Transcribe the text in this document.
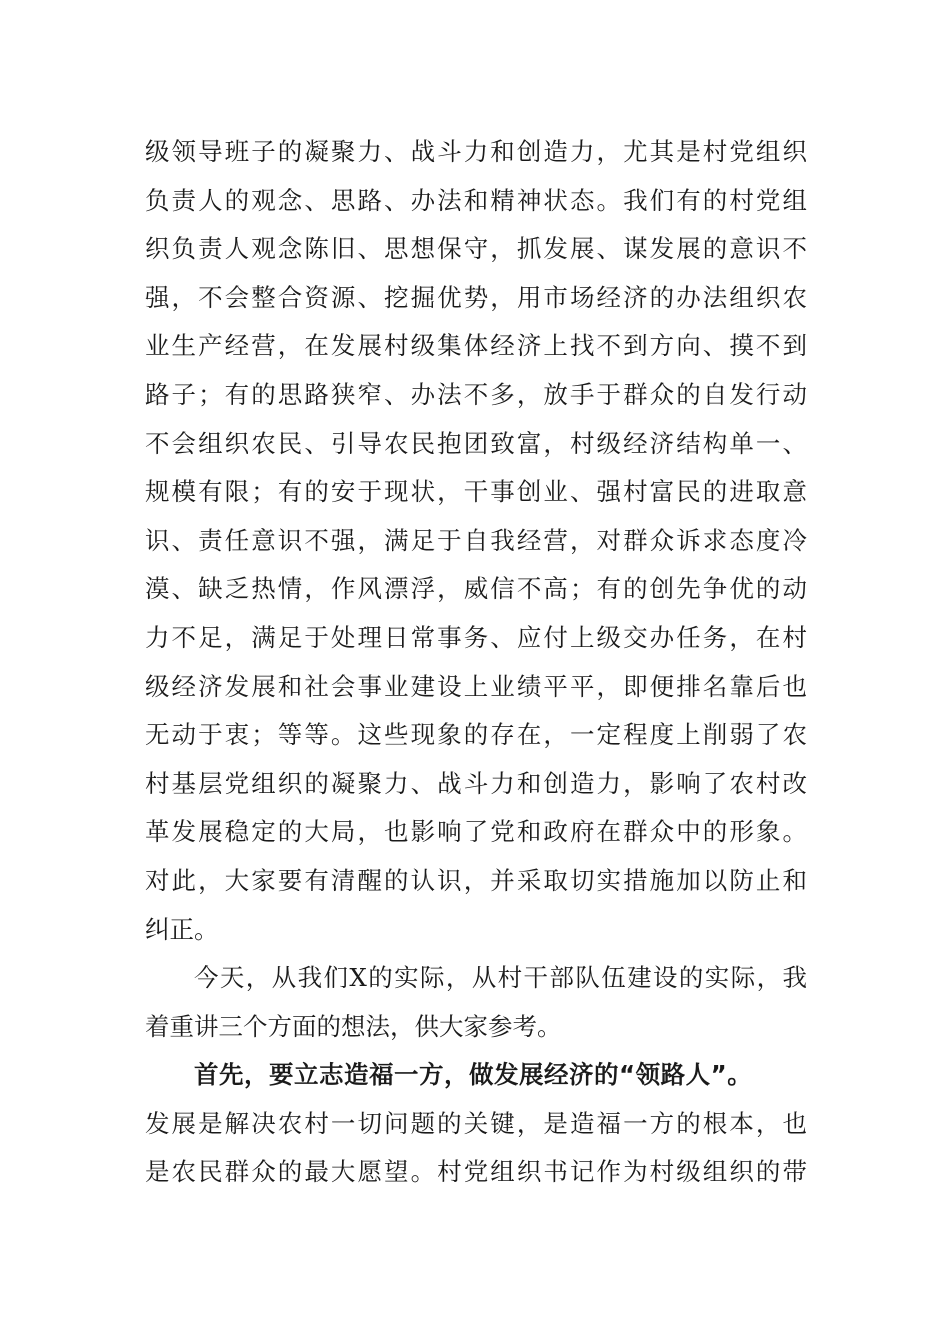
级领导班子的凝聚力、战斗力和创造力，尤其是村党组织
负责人的观念、思路、办法和精神状态。我们有的村党组
织负责人观念陈旧、思想保守，抓发展、谋发展的意识不
强，不会整合资源、挖掘优势，用市场经济的办法组织农
业生产经营，在发展村级集体经济上找不到方向、摸不到
路子；有的思路狭窄、办法不多，放手于群众的自发行动
不会组织农民、引导农民抱团致富，村级经济结构单一、
规模有限；有的安于现状，干事创业、强村富民的进取意
识、责任意识不强，满足于自我经营，对群众诉求态度冷
漠、缺乏热情，作风漂浮，威信不高；有的创先争优的动
力不足，满足于处理日常事务、应付上级交办任务，在村
级经济发展和社会事业建设上业绩平平，即便排名靠后也
无动于衷；等等。这些现象的存在，一定程度上削弱了农
村基层党组织的凝聚力、战斗力和创造力，影响了农村改
革发展稳定的大局，也影响了党和政府在群众中的形象。
对此，大家要有清醒的认识，并采取切实措施加以防止和
纠正。
今天，从我们X的实际，从村干部队伍建设的实际，我
着重讲三个方面的想法，供大家参考。
首先，要立志造福一方，做发展经济的“领路人”。
发展是解决农村一切问题的关键，是造福一方的根本，也
是农民群众的最大愿望。村党组织书记作为村级组织的带
